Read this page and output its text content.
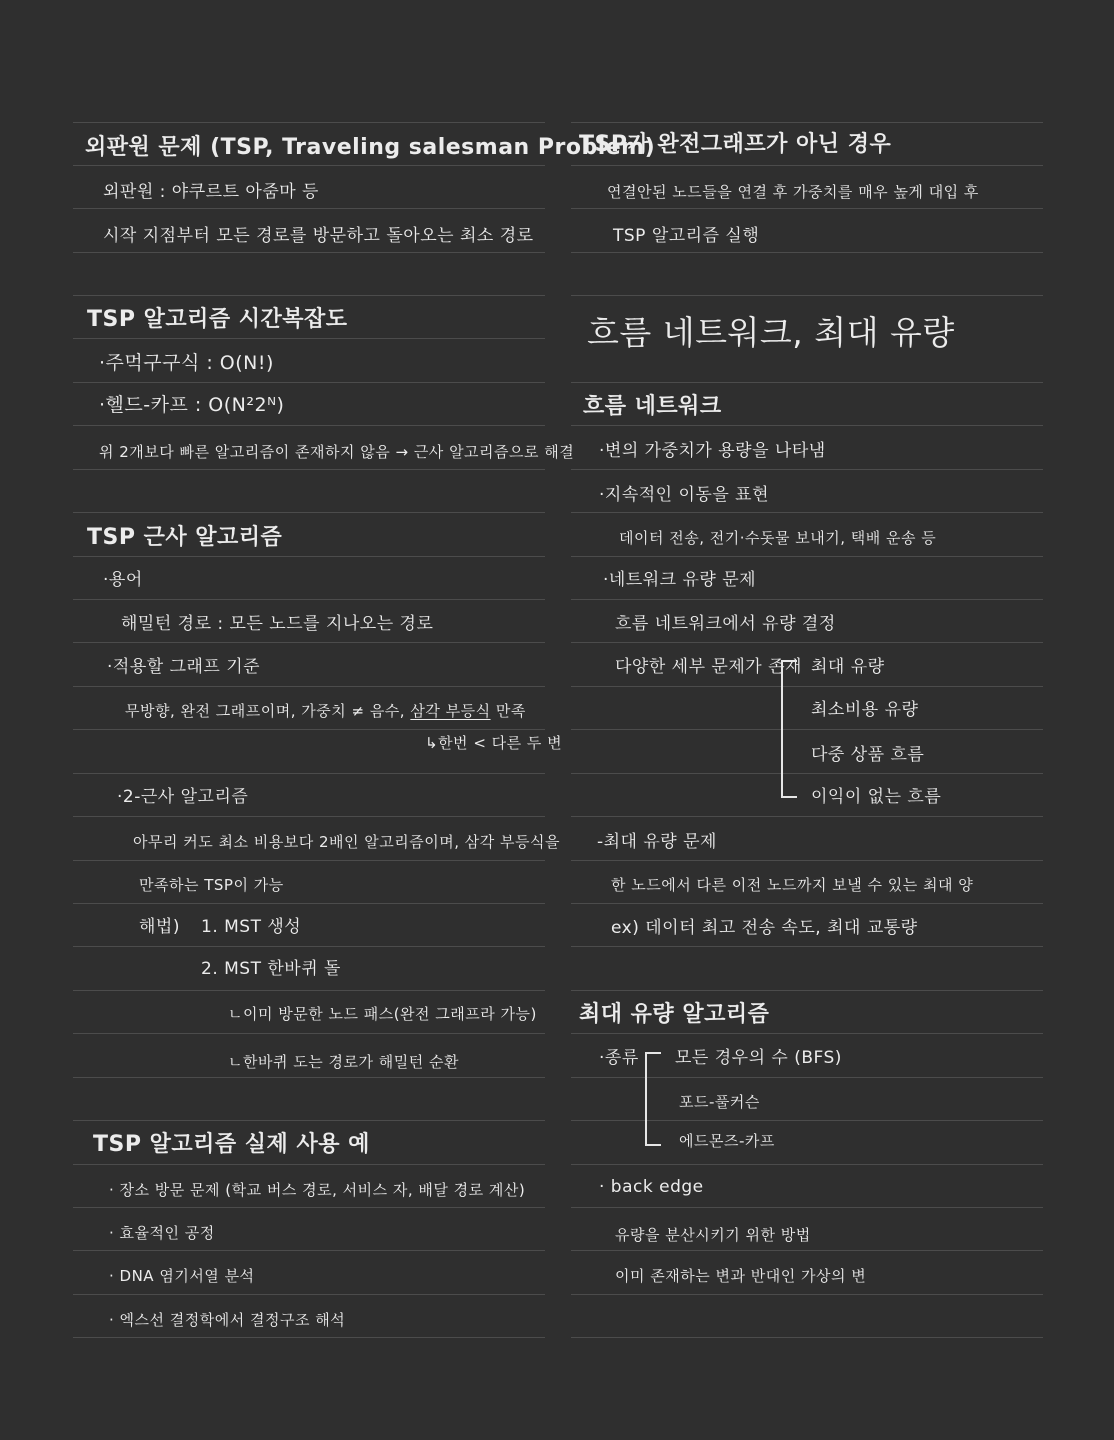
외판원 문제 (TSP, Traveling salesman Problem)
외판원 : 야쿠르트 아줌마 등
시작 지점부터 모든 경로를 방문하고 돌아오는 최소 경로
TSP 알고리즘 시간복잡도
·주먹구구식 : O(N!)
·헬드-카프 : O(N²2ᴺ)
위 2개보다 빠른 알고리즘이 존재하지 않음 → 근사 알고리즘으로 해결
TSP 근사 알고리즘
·용어
해밀턴 경로 : 모든 노드를 지나오는 경로
·적용할 그래프 기준
무방향, 완전 그래프이며, 가중치 ≠ 음수, 삼각 부등식 만족
↳한번 < 다른 두 변
·2-근사 알고리즘
아무리 커도 최소 비용보다 2배인 알고리즘이며, 삼각 부등식을
만족하는 TSP이 가능
해법) 1. MST 생성
2. MST 한바퀴 돌
ㄴ이미 방문한 노드 패스(완전 그래프라 가능)
ㄴ한바퀴 도는 경로가 해밀턴 순환
TSP 알고리즘 실제 사용 예
· 장소 방문 문제 (학교 버스 경로, 서비스 자, 배달 경로 계산)
· 효율적인 공정
· DNA 염기서열 분석
· 엑스선 결정학에서 결정구조 해석
TSP가 완전그래프가 아닌 경우
연결안된 노드들을 연결 후 가중치를 매우 높게 대입 후
TSP 알고리즘 실행
흐름 네트워크, 최대 유량
흐름 네트워크
·변의 가중치가 용량을 나타냄
·지속적인 이동을 표현
데이터 전송, 전기·수돗물 보내기, 택배 운송 등
·네트워크 유량 문제
흐름 네트워크에서 유량 결정
다양한 세부 문제가 존재 최대 유량
최소비용 유량
다중 상품 흐름
이익이 없는 흐름
-최대 유량 문제
한 노드에서 다른 이전 노드까지 보낼 수 있는 최대 양
ex) 데이터 최고 전송 속도, 최대 교통량
최대 유량 알고리즘
·종류 모든 경우의 수 (BFS)
포드-풀커슨
에드몬즈-카프
· back edge
유량을 분산시키기 위한 방법
이미 존재하는 변과 반대인 가상의 변
